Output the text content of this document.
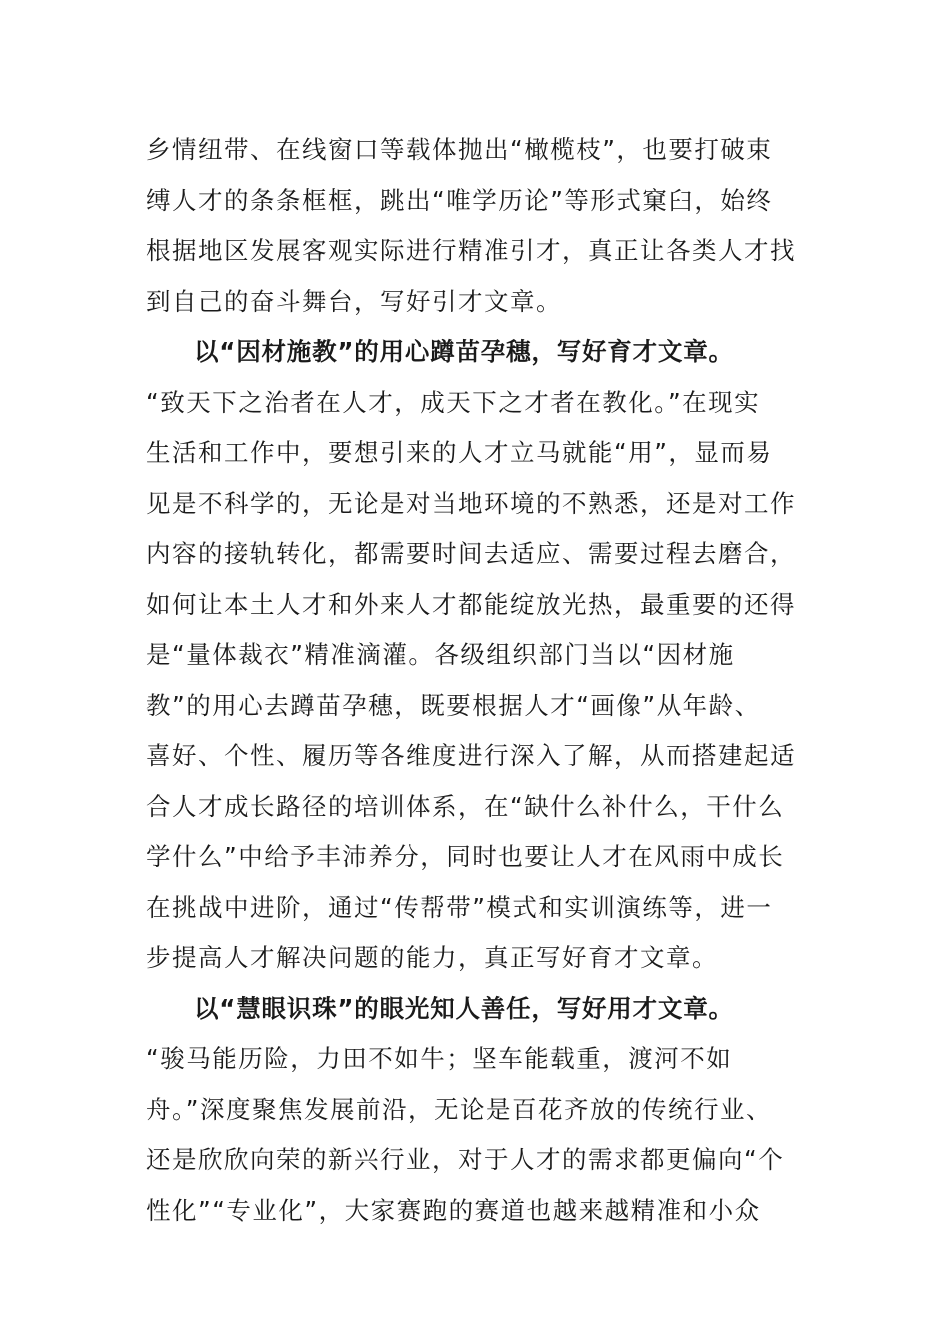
乡情纽带、在线窗口等载体抛出“橄榄枝”，也要打破束
缚人才的条条框框，跳出“唯学历论”等形式窠臼，始终
根据地区发展客观实际进行精准引才，真正让各类人才找
到自己的奋斗舞台，写好引才文章。
以“因材施教”的用心蹲苗孕穗，写好育才文章。
“致天下之治者在人才，成天下之才者在教化。”在现实
生活和工作中，要想引来的人才立马就能“用”，显而易
见是不科学的，无论是对当地环境的不熟悉，还是对工作
内容的接轨转化，都需要时间去适应、需要过程去磨合，
如何让本土人才和外来人才都能绽放光热，最重要的还得
是“量体裁衣”精准滴灌。各级组织部门当以“因材施
教”的用心去蹲苗孕穗，既要根据人才“画像”从年龄、
喜好、个性、履历等各维度进行深入了解，从而搭建起适
合人才成长路径的培训体系，在“缺什么补什么，干什么
学什么”中给予丰沛养分，同时也要让人才在风雨中成长
在挑战中进阶，通过“传帮带”模式和实训演练等，进一
步提高人才解决问题的能力，真正写好育才文章。
以“慧眼识珠”的眼光知人善任，写好用才文章。
“骏马能历险，力田不如牛；坚车能载重，渡河不如
舟。”深度聚焦发展前沿，无论是百花齐放的传统行业、
还是欣欣向荣的新兴行业，对于人才的需求都更偏向“个
性化”“专业化”，大家赛跑的赛道也越来越精准和小众
